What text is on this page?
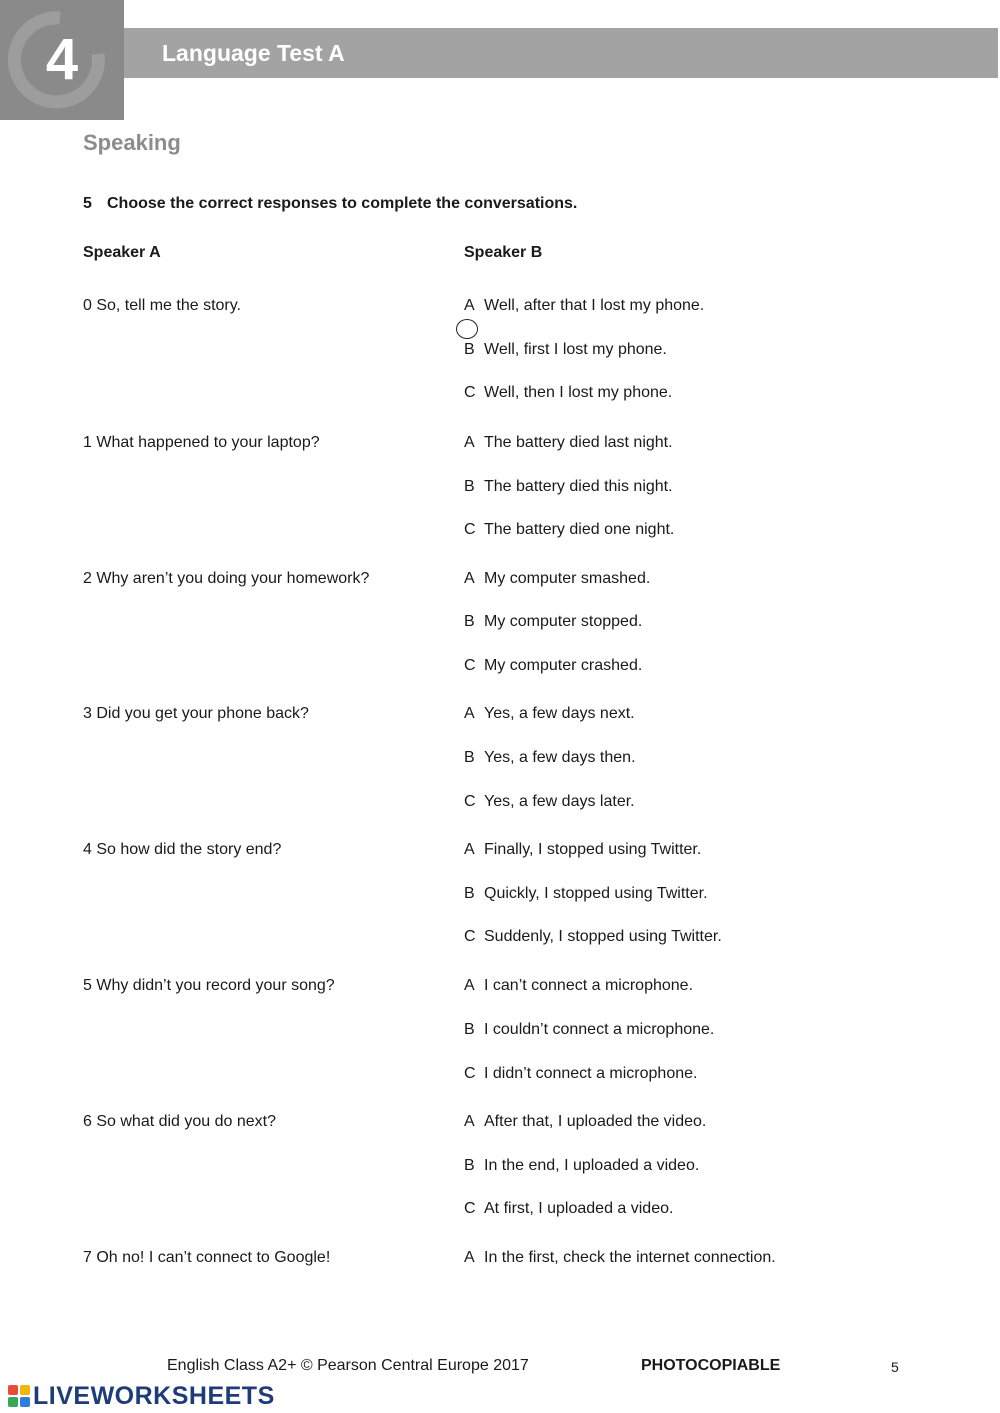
4	Language Test A
Speaking
5 Choose the correct responses to complete the conversations.
Speaker A	Speaker B
0 So, tell me the story.	A Well, after that I lost my phone.
B Well, first I lost my phone.
C Well, then I lost my phone.
1 What happened to your laptop?	A The battery died last night.
B The battery died this night.
C The battery died one night.
2 Why aren’t you doing your homework?	A My computer smashed.
B My computer stopped.
C My computer crashed.
3 Did you get your phone back?	A Yes, a few days next.
B Yes, a few days then.
C Yes, a few days later.
4 So how did the story end?	A Finally, I stopped using Twitter.
B Quickly, I stopped using Twitter.
C Suddenly, I stopped using Twitter.
5 Why didn’t you record your song?	A I can’t connect a microphone.
B I couldn’t connect a microphone.
C I didn’t connect a microphone.
6 So what did you do next?	A After that, I uploaded the video.
B In the end, I uploaded a video.
C At first, I uploaded a video.
7 Oh no! I can’t connect to Google!	A In the first, check the internet connection.
English Class A2+ © Pearson Central Europe 2017	PHOTOCOPIABLE	5
LIVEWORKSHEETS
